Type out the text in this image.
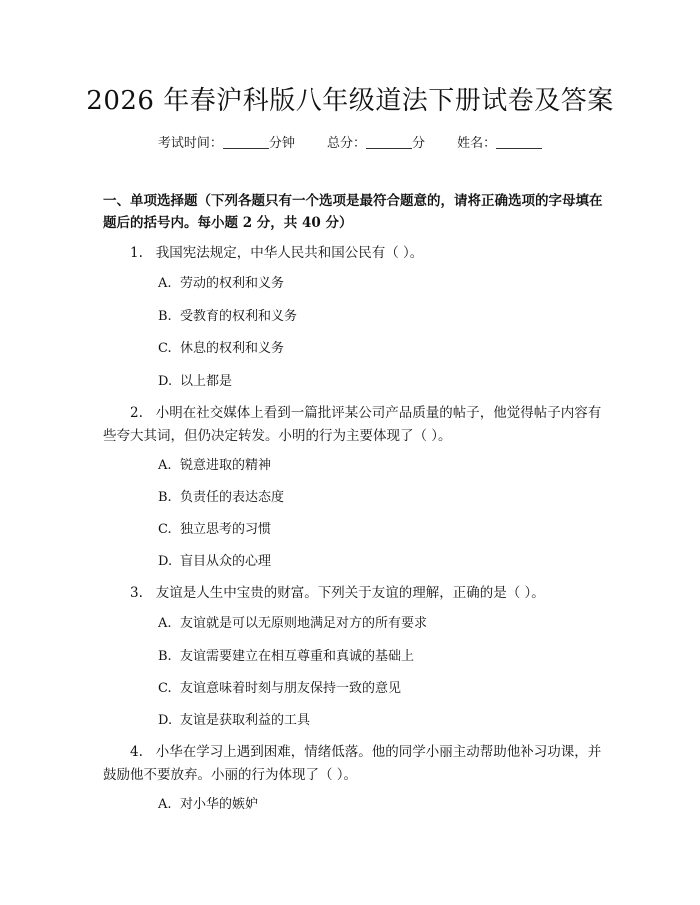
2026 年春沪科版八年级道法下册试卷及答案
考试时间：	分钟 总分：	分 姓名：
一、单项选择题（下列各题只有一个选项是最符合题意的，请将正确选项的字母填在题后的括号内。每小题 2 分，共 40 分）
1. 我国宪法规定，中华人民共和国公民有（ ）。
A. 劳动的权利和义务
B. 受教育的权利和义务
C. 休息的权利和义务
D. 以上都是
2. 小明在社交媒体上看到一篇批评某公司产品质量的帖子，他觉得帖子内容有些夸大其词，但仍决定转发。小明的行为主要体现了（ ）。
A. 锐意进取的精神
B. 负责任的表达态度
C. 独立思考的习惯
D. 盲目从众的心理
3. 友谊是人生中宝贵的财富。下列关于友谊的理解，正确的是（ ）。
A. 友谊就是可以无原则地满足对方的所有要求
B. 友谊需要建立在相互尊重和真诚的基础上
C. 友谊意味着时刻与朋友保持一致的意见
D. 友谊是获取利益的工具
4. 小华在学习上遇到困难，情绪低落。他的同学小丽主动帮助他补习功课，并鼓励他不要放弃。小丽的行为体现了（ ）。
A. 对小华的嫉妒
